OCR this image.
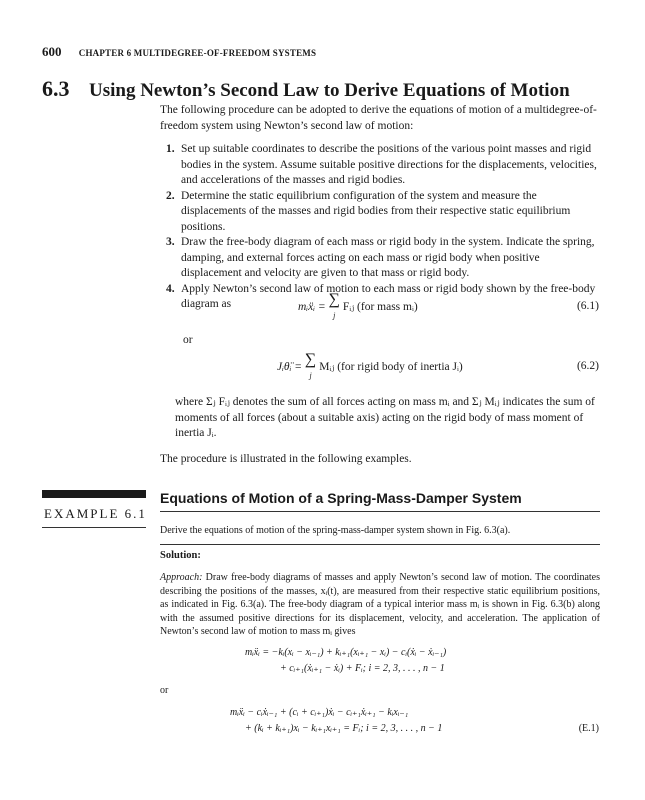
600 CHAPTER 6 MULTIDEGREE-OF-FREEDOM SYSTEMS
6.3 Using Newton’s Second Law to Derive Equations of Motion
The following procedure can be adopted to derive the equations of motion of a multidegree-of-freedom system using Newton’s second law of motion:
1. Set up suitable coordinates to describe the positions of the various point masses and rigid bodies in the system. Assume suitable positive directions for the displacements, velocities, and accelerations of the masses and rigid bodies.
2. Determine the static equilibrium configuration of the system and measure the displacements of the masses and rigid bodies from their respective static equilibrium positions.
3. Draw the free-body diagram of each mass or rigid body in the system. Indicate the spring, damping, and external forces acting on each mass or rigid body when positive displacement and velocity are given to that mass or rigid body.
4. Apply Newton’s second law of motion to each mass or rigid body shown by the free-body diagram as	mᵢẍᵢ = ∑
$_j$ Fᵢⱼ (for mass mᵢ)	(6.1)
or
Jᵢθ̈ᵢ = ∑
$_j$ Mᵢⱼ (for rigid body of inertia Jᵢ)	(6.2)
where Σⱼ Fᵢⱼ denotes the sum of all forces acting on mass mᵢ and Σⱼ Mᵢⱼ indicates the sum of moments of all forces (about a suitable axis) acting on the rigid body of mass moment of inertia Jᵢ.
The procedure is illustrated in the following examples.
Equations of Motion of a Spring-Mass-Damper System
EXAMPLE 6.1
Derive the equations of motion of the spring-mass-damper system shown in Fig. 6.3(a).
Solution:
Approach: Draw free-body diagrams of masses and apply Newton’s second law of motion. The coordinates describing the positions of the masses, xᵢ(t), are measured from their respective static equilibrium positions, as indicated in Fig. 6.3(a). The free-body diagram of a typical interior mass mᵢ is shown in Fig. 6.3(b) along with the assumed positive directions for its displacement, velocity, and acceleration. The application of Newton’s second law of motion to mass mᵢ gives
mᵢẍᵢ = −kᵢ(xᵢ − xᵢ₋₁) + kᵢ₊₁(xᵢ₊₁ − xᵢ) − cᵢ(ẋᵢ − ẋᵢ₋₁)
+ cᵢ₊₁(ẋᵢ₊₁ − ẋᵢ) + Fᵢ; i = 2, 3, . . . , n − 1
or
mᵢẍᵢ − cᵢẋᵢ₋₁ + (cᵢ + cᵢ₊₁)ẋᵢ − cᵢ₊₁ẋᵢ₊₁ − kᵢxᵢ₋₁
+ (kᵢ + kᵢ₊₁)xᵢ − kᵢ₊₁xᵢ₊₁ = Fᵢ; i = 2, 3, . . . , n − 1	(E.1)
